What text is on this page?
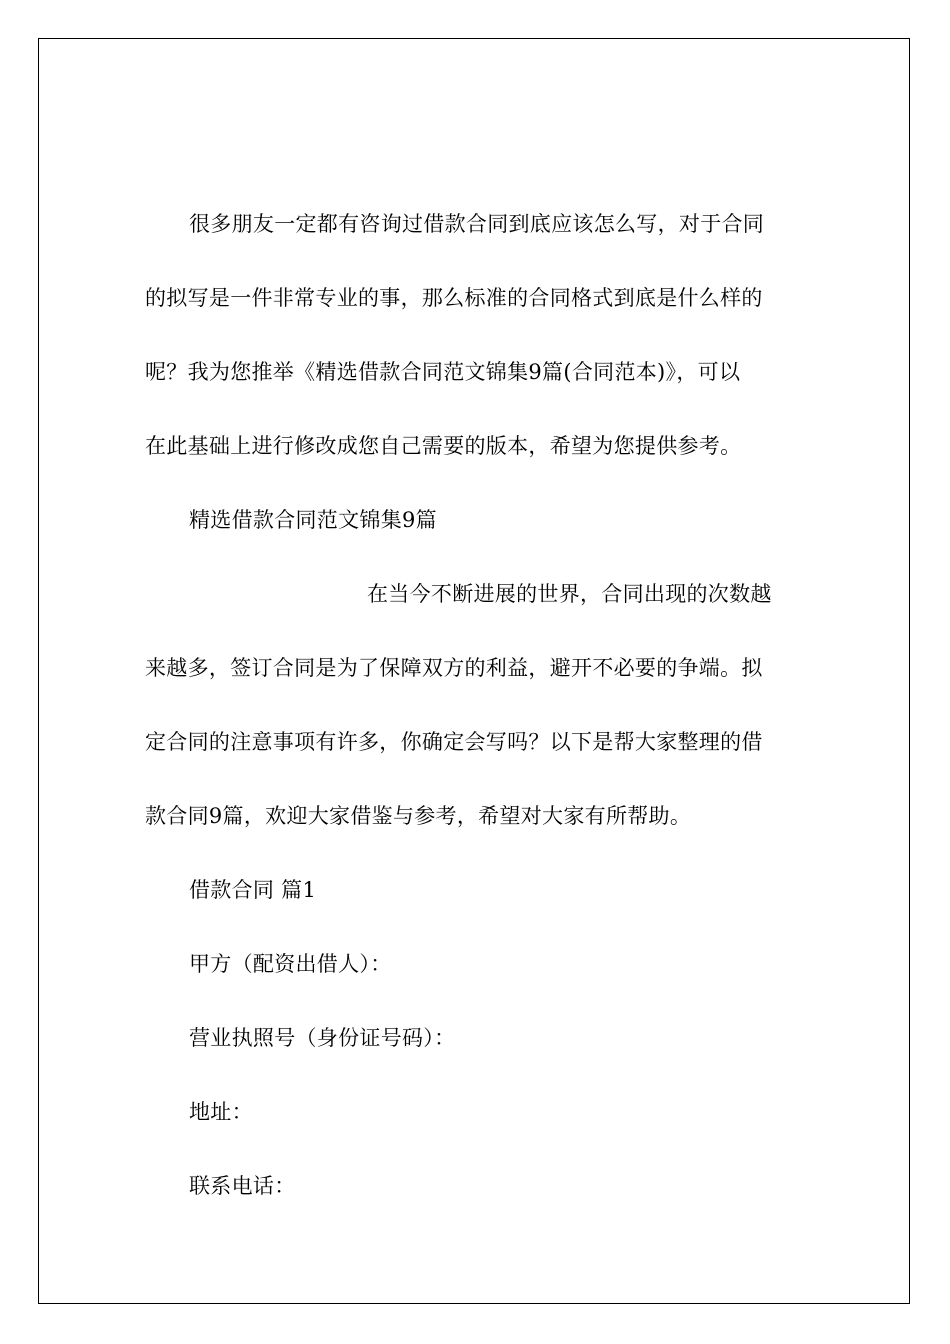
很多朋友一定都有咨询过借款合同到底应该怎么写，对于合同
的拟写是一件非常专业的事，那么标准的合同格式到底是什么样的
呢？我为您推举《精选借款合同范文锦集9篇(合同范本)》，可以
在此基础上进行修改成您自己需要的版本，希望为您提供参考。
精选借款合同范文锦集9篇
在当今不断进展的世界，合同出现的次数越
来越多，签订合同是为了保障双方的利益，避开不必要的争端。拟
定合同的注意事项有许多，你确定会写吗？以下是帮大家整理的借
款合同9篇，欢迎大家借鉴与参考，希望对大家有所帮助。
借款合同 篇1
甲方（配资出借人）：
营业执照号（身份证号码）：
地址：
联系电话：
